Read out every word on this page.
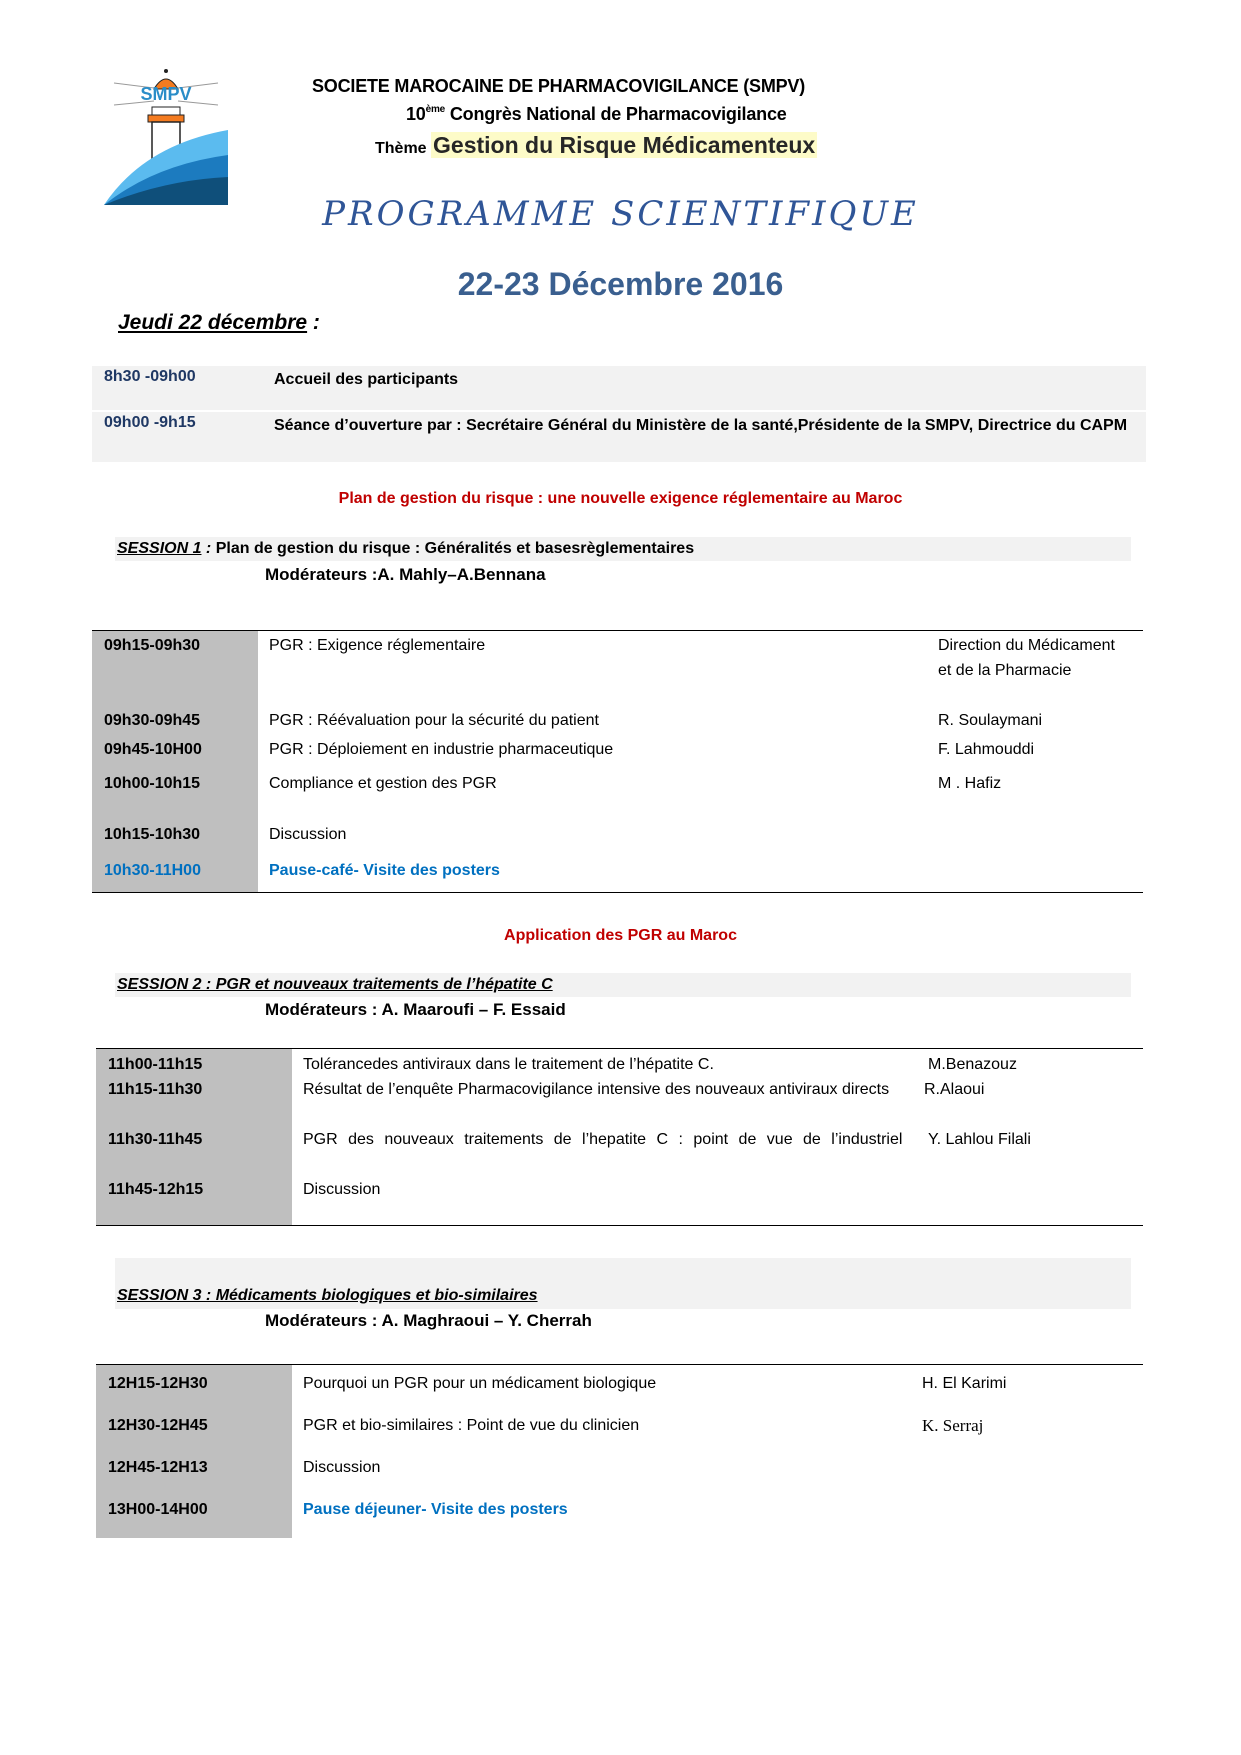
SMPV	SOCIETE MAROCAINE DE PHARMACOVIGILANCE (SMPV)
10ème Congrès National de Pharmacovigilance
Thème Gestion du Risque Médicamenteux
PROGRAMME SCIENTIFIQUE
22-23 Décembre 2016
Jeudi 22 décembre :
8h30 -09h00	Accueil des participants
09h00 -9h15	Séance d’ouverture par : Secrétaire Général du Ministère de la santé,Présidente de la SMPV, Directrice du CAPM
Plan de gestion du risque : une nouvelle exigence réglementaire au Maroc
SESSION 1 : Plan de gestion du risque : Généralités et basesrèglementaires
Modérateurs :A. Mahly–A.Bennana
09h15-09h30	PGR : Exigence réglementaire	Direction du Médicament et de la Pharmacie
09h30-09h45	PGR : Réévaluation pour la sécurité du patient	R. Soulaymani
09h45-10H00	PGR : Déploiement en industrie pharmaceutique	F. Lahmouddi
10h00-10h15	Compliance et gestion des PGR	M . Hafiz
10h15-10h30	Discussion
10h30-11H00	Pause-café- Visite des posters
Application des PGR au Maroc
SESSION 2 : PGR et nouveaux traitements de l’hépatite C
Modérateurs : A. Maaroufi – F. Essaid
11h00-11h15	Tolérancedes antiviraux dans le traitement de l’hépatite C.	M.Benazouz
11h15-11h30	Résultat de l’enquête Pharmacovigilance intensive des nouveaux antiviraux directs	R.Alaoui
11h30-11h45	PGR des nouveaux traitements de l’hepatite C : point de vue de l’industriel	Y. Lahlou Filali
11h45-12h15	Discussion
SESSION 3 : Médicaments biologiques et bio-similaires
Modérateurs : A. Maghraoui – Y. Cherrah
12H15-12H30	Pourquoi un PGR pour un médicament biologique	H. El Karimi
12H30-12H45	PGR et bio-similaires : Point de vue du clinicien	K. Serraj
12H45-12H13	Discussion
13H00-14H00	Pause déjeuner- Visite des posters
